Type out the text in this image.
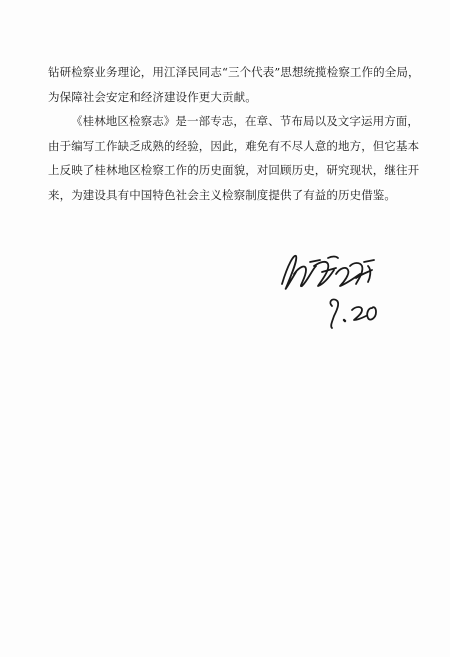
钻研检察业务理论，用江泽民同志“三个代表”思想统揽检察工作的全局，为保障社会安定和经济建设作更大贡献。

《桂林地区检察志》是一部专志，在章、节布局以及文字运用方面，由于编写工作缺乏成熟的经验，因此，难免有不尽人意的地方，但它基本上反映了桂林地区检察工作的历史面貌，对回顾历史，研究现状，继往开来，为建设具有中国特色社会主义检察制度提供了有益的历史借鉴。
